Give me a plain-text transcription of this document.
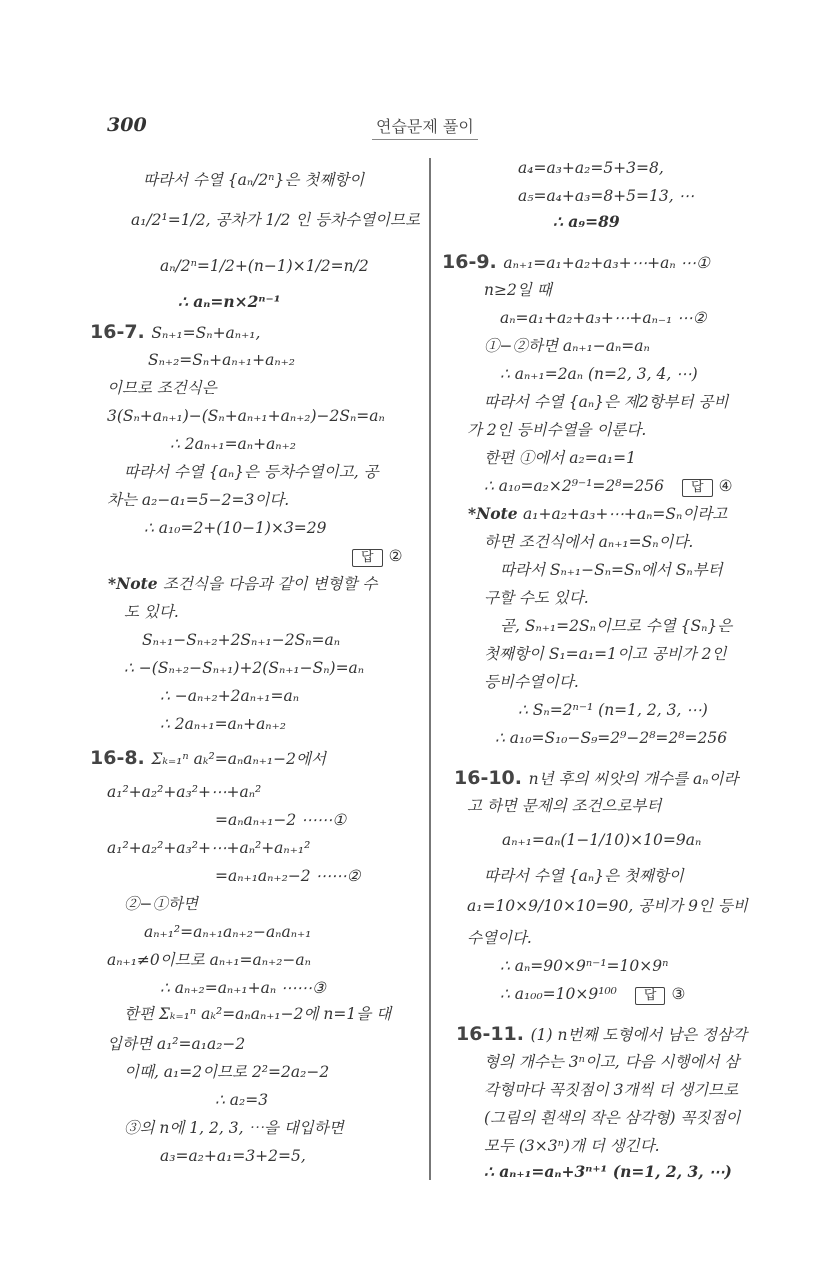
300	연습문제 풀이
따라서 수열 {aₙ/2ⁿ}은 첫째항이
a₁/2¹=1/2, 공차가 1/2 인 등차수열이므로
aₙ/2ⁿ=1/2+(n−1)×1/2=n/2
∴ aₙ=n×2ⁿ⁻¹
16-7. Sₙ₊₁=Sₙ+aₙ₊₁,
Sₙ₊₂=Sₙ+aₙ₊₁+aₙ₊₂
이므로 조건식은
3(Sₙ+aₙ₊₁)−(Sₙ+aₙ₊₁+aₙ₊₂)−2Sₙ=aₙ
∴ 2aₙ₊₁=aₙ+aₙ₊₂
따라서 수열 {aₙ}은 등차수열이고, 공
차는 a₂−a₁=5−2=3이다.
∴ a₁₀=2+(10−1)×3=29
답 ②
*Note 조건식을 다음과 같이 변형할 수
도 있다.
Sₙ₊₁−Sₙ₊₂+2Sₙ₊₁−2Sₙ=aₙ
∴ −(Sₙ₊₂−Sₙ₊₁)+2(Sₙ₊₁−Sₙ)=aₙ
∴ −aₙ₊₂+2aₙ₊₁=aₙ
∴ 2aₙ₊₁=aₙ+aₙ₊₂
16-8. Σₖ₌₁ⁿ aₖ²=aₙaₙ₊₁−2에서
a₁²+a₂²+a₃²+⋯+aₙ²
=aₙaₙ₊₁−2 ⋯⋯①
a₁²+a₂²+a₃²+⋯+aₙ²+aₙ₊₁²
=aₙ₊₁aₙ₊₂−2 ⋯⋯②
②−①하면
aₙ₊₁²=aₙ₊₁aₙ₊₂−aₙaₙ₊₁
aₙ₊₁≠0이므로 aₙ₊₁=aₙ₊₂−aₙ
∴ aₙ₊₂=aₙ₊₁+aₙ ⋯⋯③
한편 Σₖ₌₁ⁿ aₖ²=aₙaₙ₊₁−2에 n=1을 대
입하면 a₁²=a₁a₂−2
이때, a₁=2이므로 2²=2a₂−2
∴ a₂=3
③의 n에 1, 2, 3, ⋯을 대입하면
a₃=a₂+a₁=3+2=5,
a₄=a₃+a₂=5+3=8,
a₅=a₄+a₃=8+5=13, ⋯
∴ a₉=89
16-9. aₙ₊₁=a₁+a₂+a₃+⋯+aₙ ⋯①
n≥2일 때
aₙ=a₁+a₂+a₃+⋯+aₙ₋₁ ⋯②
①−②하면 aₙ₊₁−aₙ=aₙ
∴ aₙ₊₁=2aₙ (n=2, 3, 4, ⋯)
따라서 수열 {aₙ}은 제2항부터 공비
가 2인 등비수열을 이룬다.
한편 ①에서 a₂=a₁=1
∴ a₁₀=a₂×2⁹⁻¹=2⁸=256 답 ④
*Note a₁+a₂+a₃+⋯+aₙ=Sₙ이라고
하면 조건식에서 aₙ₊₁=Sₙ이다.
따라서 Sₙ₊₁−Sₙ=Sₙ에서 Sₙ부터
구할 수도 있다.
곧, Sₙ₊₁=2Sₙ이므로 수열 {Sₙ}은
첫째항이 S₁=a₁=1이고 공비가 2인
등비수열이다.
∴ Sₙ=2ⁿ⁻¹ (n=1, 2, 3, ⋯)
∴ a₁₀=S₁₀−S₉=2⁹−2⁸=2⁸=256
16-10. n년 후의 씨앗의 개수를 aₙ이라
고 하면 문제의 조건으로부터
aₙ₊₁=aₙ(1−1/10)×10=9aₙ
따라서 수열 {aₙ}은 첫째항이
a₁=10×9/10×10=90, 공비가 9인 등비
수열이다.
∴ aₙ=90×9ⁿ⁻¹=10×9ⁿ
∴ a₁₀₀=10×9¹⁰⁰ 답 ③
16-11. (1) n번째 도형에서 남은 정삼각
형의 개수는 3ⁿ이고, 다음 시행에서 삼
각형마다 꼭짓점이 3개씩 더 생기므로
(그림의 흰색의 작은 삼각형) 꼭짓점이
모두 (3×3ⁿ)개 더 생긴다.
∴ aₙ₊₁=aₙ+3ⁿ⁺¹ (n=1, 2, 3, ⋯)
